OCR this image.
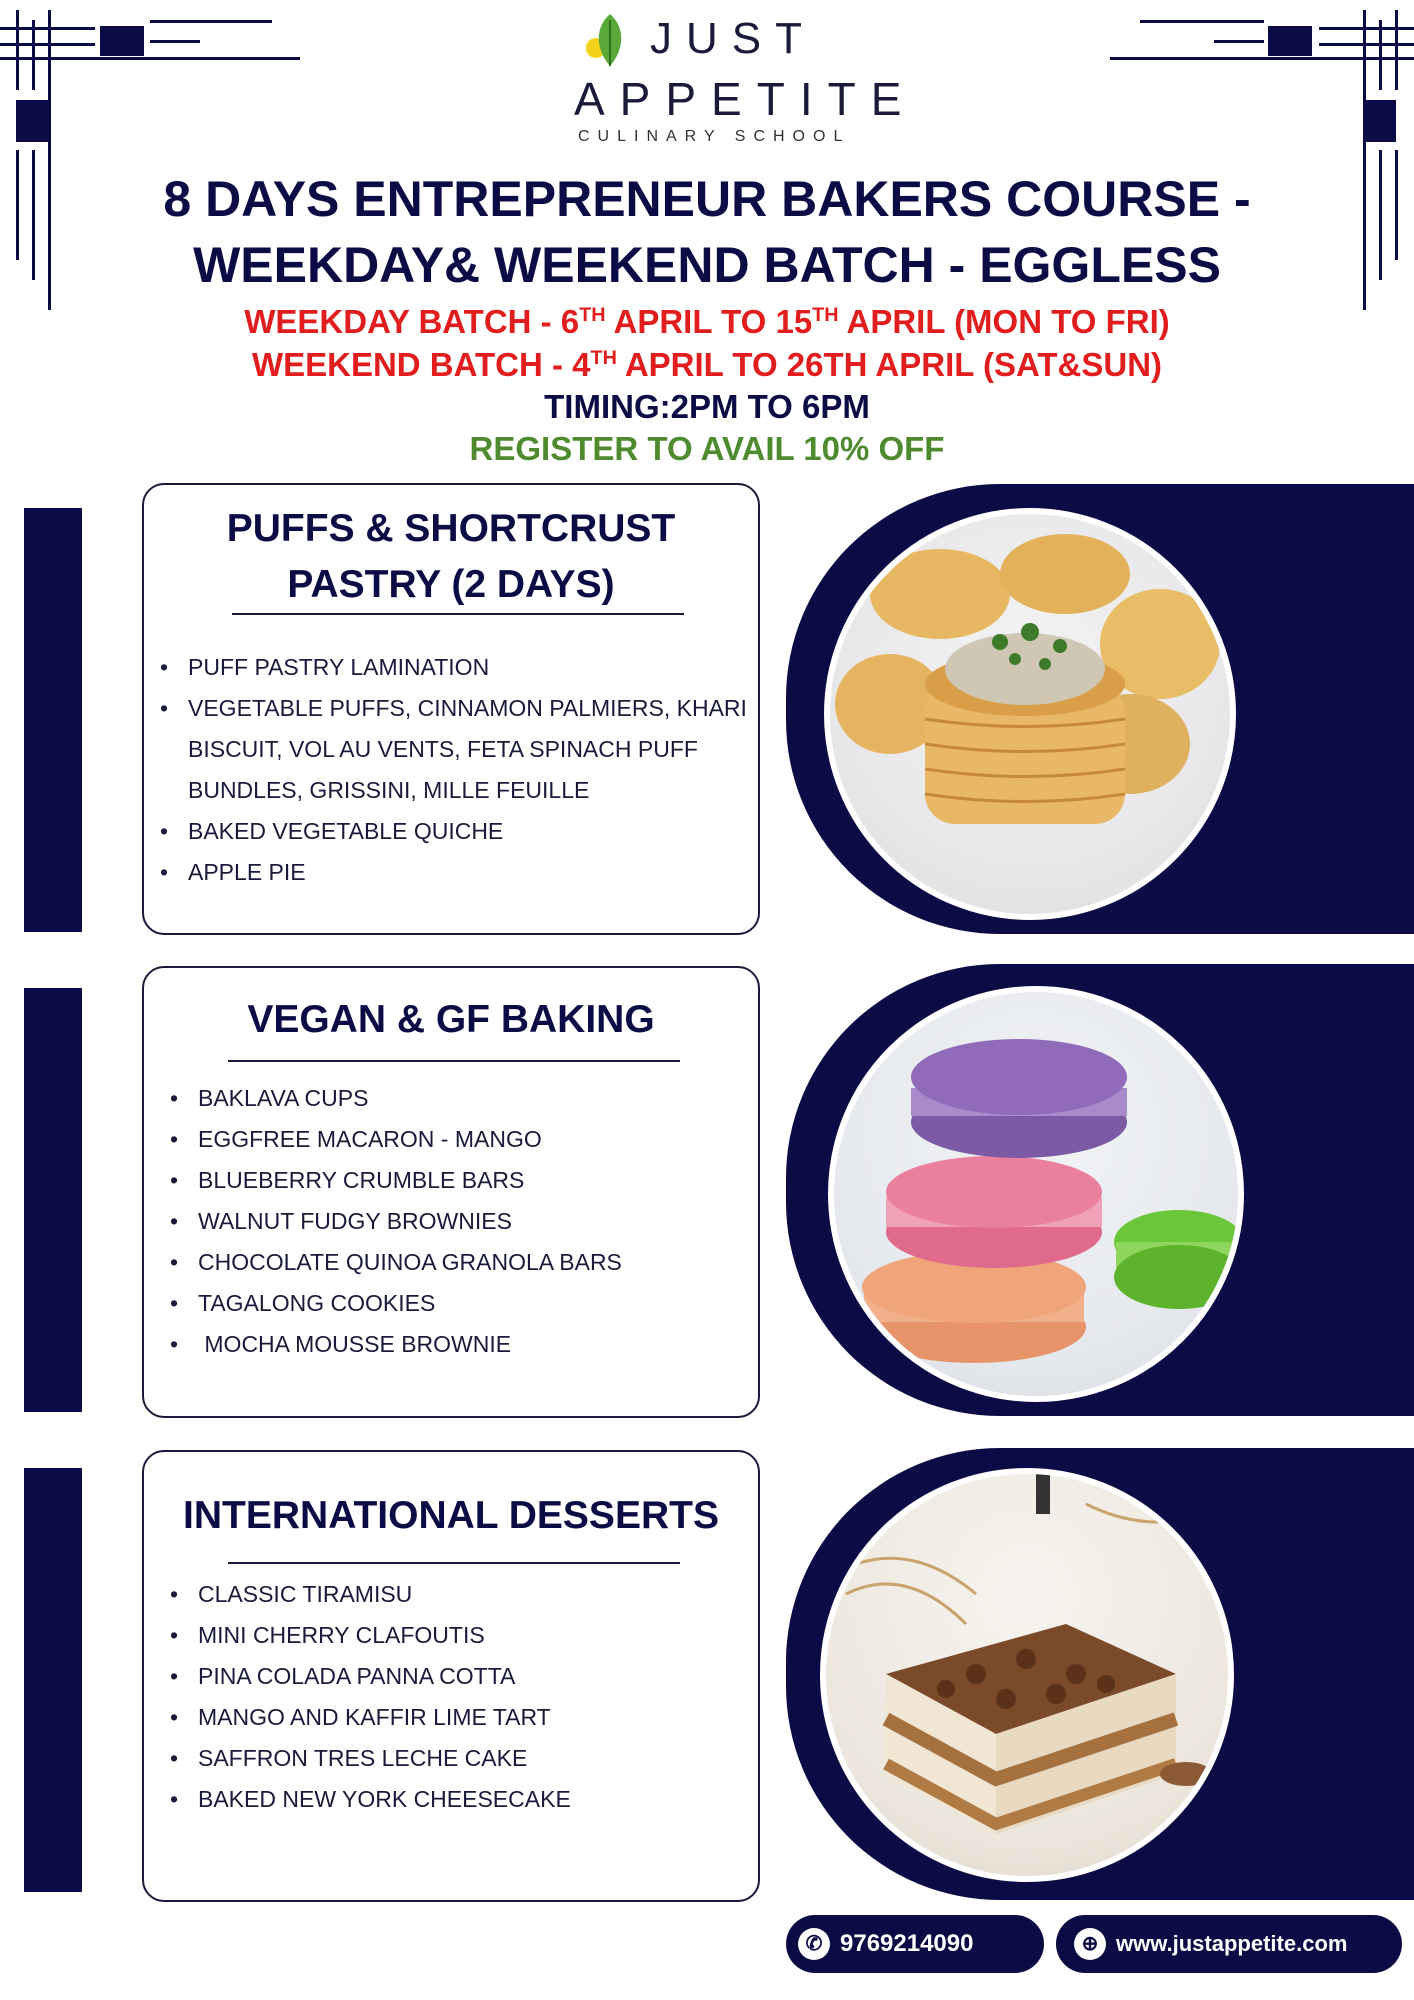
JUST
APPETITE
CULINARY SCHOOL
8 DAYS ENTREPRENEUR BAKERS COURSE -
WEEKDAY& WEEKEND BATCH - EGGLESS
WEEKDAY BATCH - 6TH APRIL TO 15TH APRIL (MON TO FRI)
WEEKEND BATCH - 4TH APRIL TO 26TH APRIL (SAT&SUN)
TIMING:2PM TO 6PM
REGISTER TO AVAIL 10% OFF
PUFFS & SHORTCRUST
PASTRY (2 DAYS)
• PUFF PASTRY LAMINATION
• VEGETABLE PUFFS, CINNAMON PALMIERS, KHARI
BISCUIT, VOL AU VENTS, FETA SPINACH PUFF
BUNDLES, GRISSINI, MILLE FEUILLE
• BAKED VEGETABLE QUICHE
• APPLE PIE
VEGAN & GF BAKING
• BAKLAVA CUPS
• EGGFREE MACARON - MANGO
• BLUEBERRY CRUMBLE BARS
• WALNUT FUDGY BROWNIES
• CHOCOLATE QUINOA GRANOLA BARS
• TAGALONG COOKIES
•  MOCHA MOUSSE BROWNIE
INTERNATIONAL DESSERTS
• CLASSIC TIRAMISU
• MINI CHERRY CLAFOUTIS
• PINA COLADA PANNA COTTA
• MANGO AND KAFFIR LIME TART
• SAFFRON TRES LECHE CAKE
• BAKED NEW YORK CHEESECAKE
✆ 9769214090	⊕ www.justappetite.com
